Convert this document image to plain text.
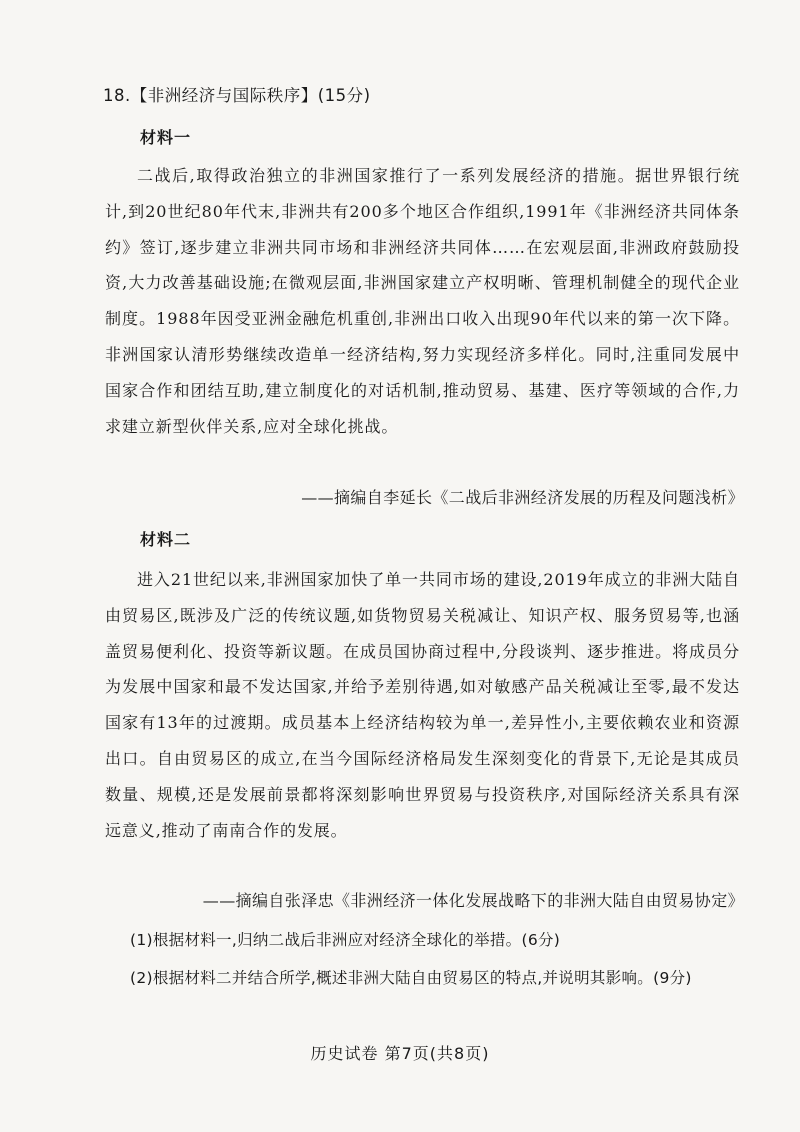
18.【非洲经济与国际秩序】(15分)
材料一

二战后,取得政治独立的非洲国家推行了一系列发展经济的措施。据世界银行统计,到20世纪80年代末,非洲共有200多个地区合作组织,1991年《非洲经济共同体条约》签订,逐步建立非洲共同市场和非洲经济共同体……在宏观层面,非洲政府鼓励投资,大力改善基础设施;在微观层面,非洲国家建立产权明晰、管理机制健全的现代企业制度。1988年因受亚洲金融危机重创,非洲出口收入出现90年代以来的第一次下降。非洲国家认清形势继续改造单一经济结构,努力实现经济多样化。同时,注重同发展中国家合作和团结互助,建立制度化的对话机制,推动贸易、基建、医疗等领域的合作,力求建立新型伙伴关系,应对全球化挑战。

——摘编自李延长《二战后非洲经济发展的历程及问题浅析》
材料二

进入21世纪以来,非洲国家加快了单一共同市场的建设,2019年成立的非洲大陆自由贸易区,既涉及广泛的传统议题,如货物贸易关税减让、知识产权、服务贸易等,也涵盖贸易便利化、投资等新议题。在成员国协商过程中,分段谈判、逐步推进。将成员分为发展中国家和最不发达国家,并给予差别待遇,如对敏感产品关税减让至零,最不发达国家有13年的过渡期。成员基本上经济结构较为单一,差异性小,主要依赖农业和资源出口。自由贸易区的成立,在当今国际经济格局发生深刻变化的背景下,无论是其成员数量、规模,还是发展前景都将深刻影响世界贸易与投资秩序,对国际经济关系具有深远意义,推动了南南合作的发展。

——摘编自张泽忠《非洲经济一体化发展战略下的非洲大陆自由贸易协定》
(1)根据材料一,归纳二战后非洲应对经济全球化的举措。(6分)
(2)根据材料二并结合所学,概述非洲大陆自由贸易区的特点,并说明其影响。(9分)
历史试卷 第7页(共8页)
